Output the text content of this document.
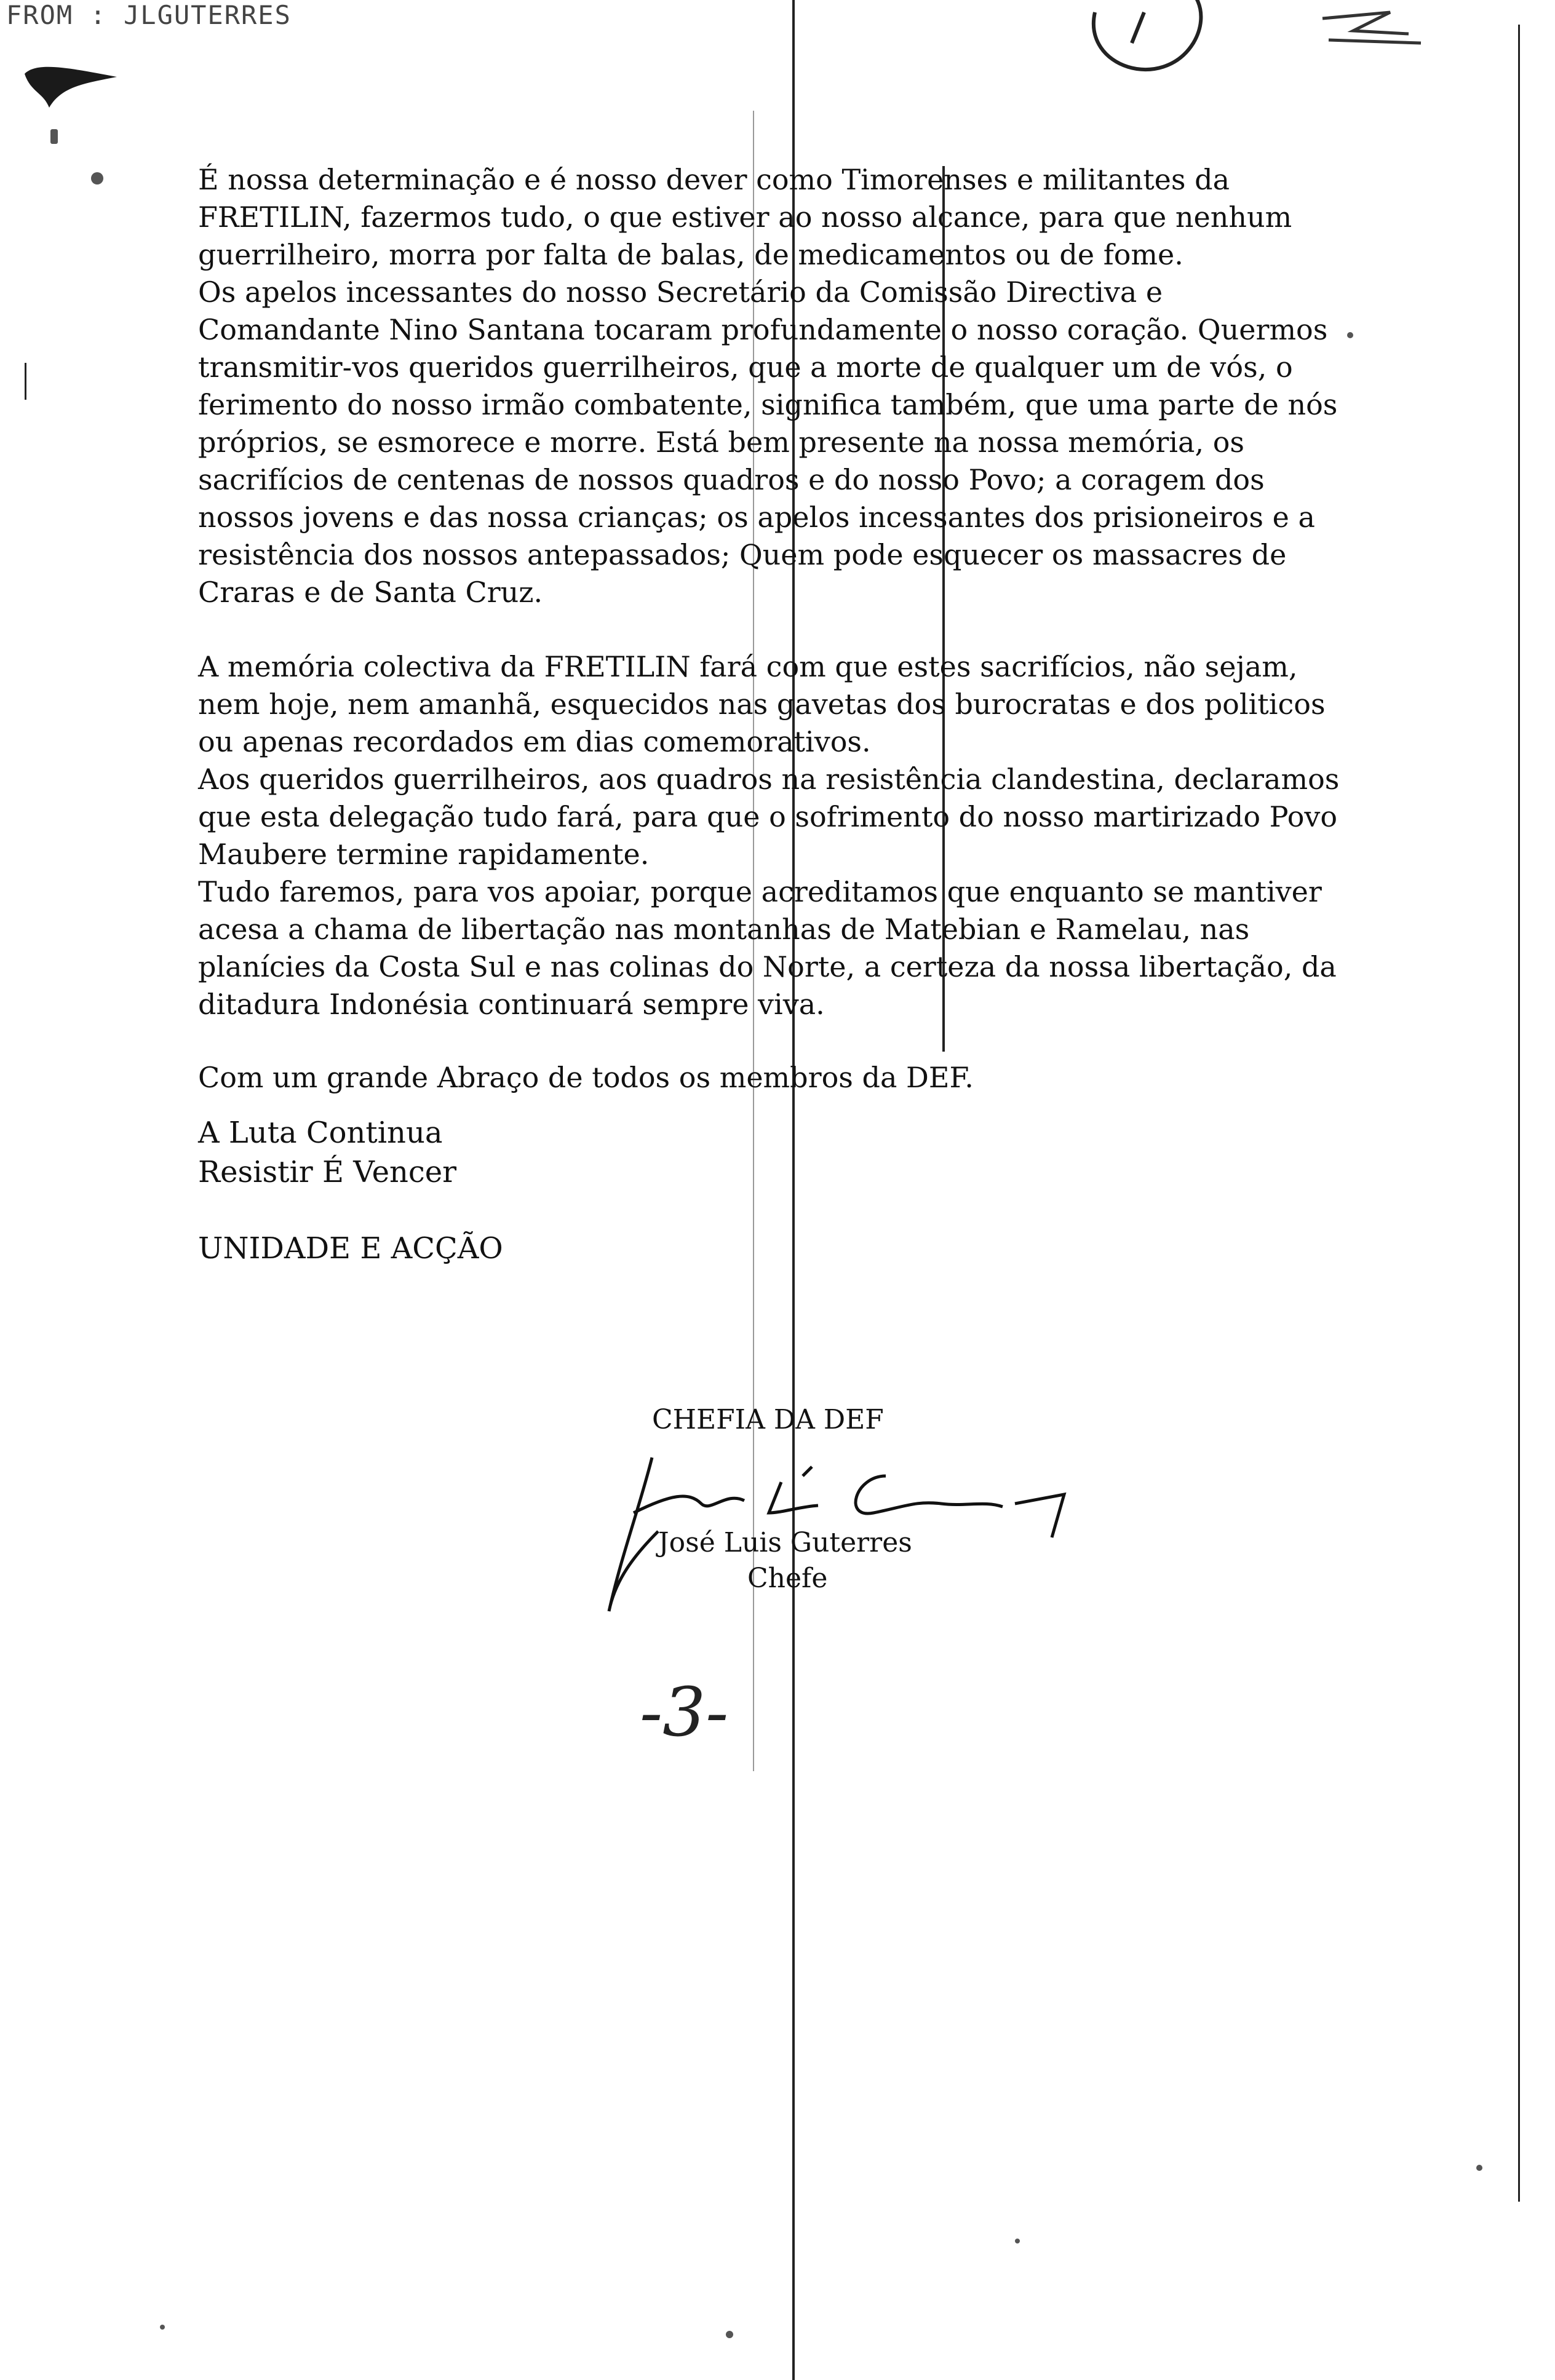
FROM : JLGUTERRES

É nossa determinação e é nosso dever como Timorenses e militantes da FRETILIN, fazermos tudo, o que estiver ao nosso alcance, para que nenhum guerrilheiro, morra por falta de balas, de medicamentos ou de fome.

Os apelos incessantes do nosso Secretário da Comissão Directiva e Comandante Nino Santana tocaram profundamente o nosso coração. Quermos transmitir-vos queridos guerrilheiros, que a morte de qualquer um de vós, o ferimento do nosso irmão combatente, significa também, que uma parte de nós próprios, se esmorece e morre. Está bem presente na nossa memória, os sacrifícios de centenas de nossos quadros e do nosso Povo; a coragem dos nossos jovens e das nossa crianças; os apelos incessantes dos prisioneiros e a resistência dos nossos antepassados; Quem pode esquecer os massacres de Craras e de Santa Cruz.

A memória colectiva da FRETILIN fará com que estes sacrifícios, não sejam, nem hoje, nem amanhã, esquecidos nas gavetas dos burocratas e dos politicos ou apenas recordados em dias comemorativos.

Aos queridos guerrilheiros, aos quadros na resistência clandestina, declaramos que esta delegação tudo fará, para que o sofrimento do nosso martirizado Povo Maubere termine rapidamente.

Tudo faremos, para vos apoiar, porque acreditamos que enquanto se mantiver acesa a chama de libertação nas montanhas de Matebian e Ramelau, nas planícies da Costa Sul e nas colinas do Norte, a certeza da nossa libertação, da ditadura Indonésia continuará sempre viva.

Com um grande Abraço de todos os membros da DEF.

A Luta Continua

Resistir É Vencer

UNIDADE E ACÇÃO

CHEFIA DA DEF
José Luis Guterres
Chefe
-3-
